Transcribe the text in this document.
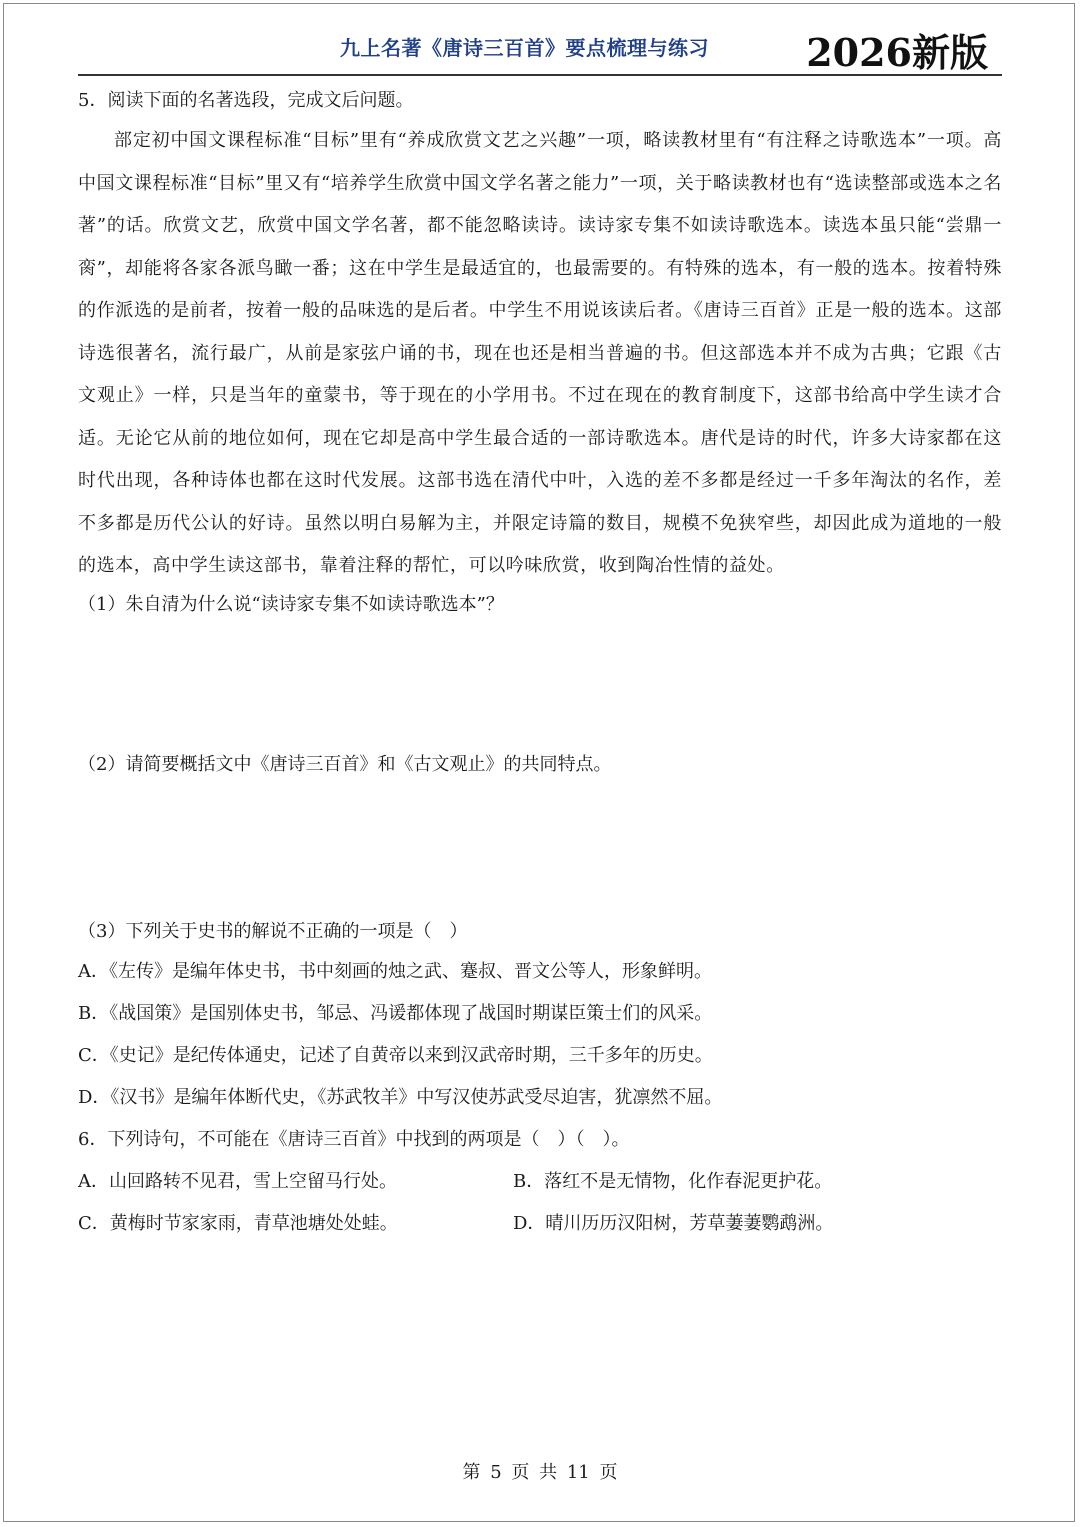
九上名著《唐诗三百首》要点梳理与练习	2026新版

5．阅读下面的名著选段，完成文后问题。

部定初中国文课程标准“目标”里有“养成欣赏文艺之兴趣”一项，略读教材里有“有注释之诗歌选本”一项。高中国文课程标准“目标”里又有“培养学生欣赏中国文学名著之能力”一项，关于略读教材也有“选读整部或选本之名著”的话。欣赏文艺，欣赏中国文学名著，都不能忽略读诗。读诗家专集不如读诗歌选本。读选本虽只能“尝鼎一脔”，却能将各家各派鸟瞰一番；这在中学生是最适宜的，也最需要的。有特殊的选本，有一般的选本。按着特殊的作派选的是前者，按着一般的品味选的是后者。中学生不用说该读后者。《唐诗三百首》正是一般的选本。这部诗选很著名，流行最广，从前是家弦户诵的书，现在也还是相当普遍的书。但这部选本并不成为古典；它跟《古文观止》一样，只是当年的童蒙书，等于现在的小学用书。不过在现在的教育制度下，这部书给高中学生读才合适。无论它从前的地位如何，现在它却是高中学生最合适的一部诗歌选本。唐代是诗的时代，许多大诗家都在这时代出现，各种诗体也都在这时代发展。这部书选在清代中叶，入选的差不多都是经过一千多年淘汰的名作，差不多都是历代公认的好诗。虽然以明白易解为主，并限定诗篇的数目，规模不免狭窄些，却因此成为道地的一般的选本，高中学生读这部书，靠着注释的帮忙，可以吟味欣赏，收到陶冶性情的益处。

（1）朱自清为什么说“读诗家专集不如读诗歌选本”？

（2）请简要概括文中《唐诗三百首》和《古文观止》的共同特点。

（3）下列关于史书的解说不正确的一项是（　）

A．《左传》是编年体史书，书中刻画的烛之武、蹇叔、晋文公等人，形象鲜明。

B．《战国策》是国别体史书，邹忌、冯谖都体现了战国时期谋臣策士们的风采。

C．《史记》是纪传体通史，记述了自黄帝以来到汉武帝时期，三千多年的历史。

D．《汉书》是编年体断代史，《苏武牧羊》中写汉使苏武受尽迫害，犹凛然不屈。

6．下列诗句，不可能在《唐诗三百首》中找到的两项是（　）（　）。

A．山回路转不见君，雪上空留马行处。	B．落红不是无情物，化作春泥更护花。
C．黄梅时节家家雨，青草池塘处处蛙。	D．晴川历历汉阳树，芳草萋萋鹦鹉洲。
第 5 页 共 11 页
